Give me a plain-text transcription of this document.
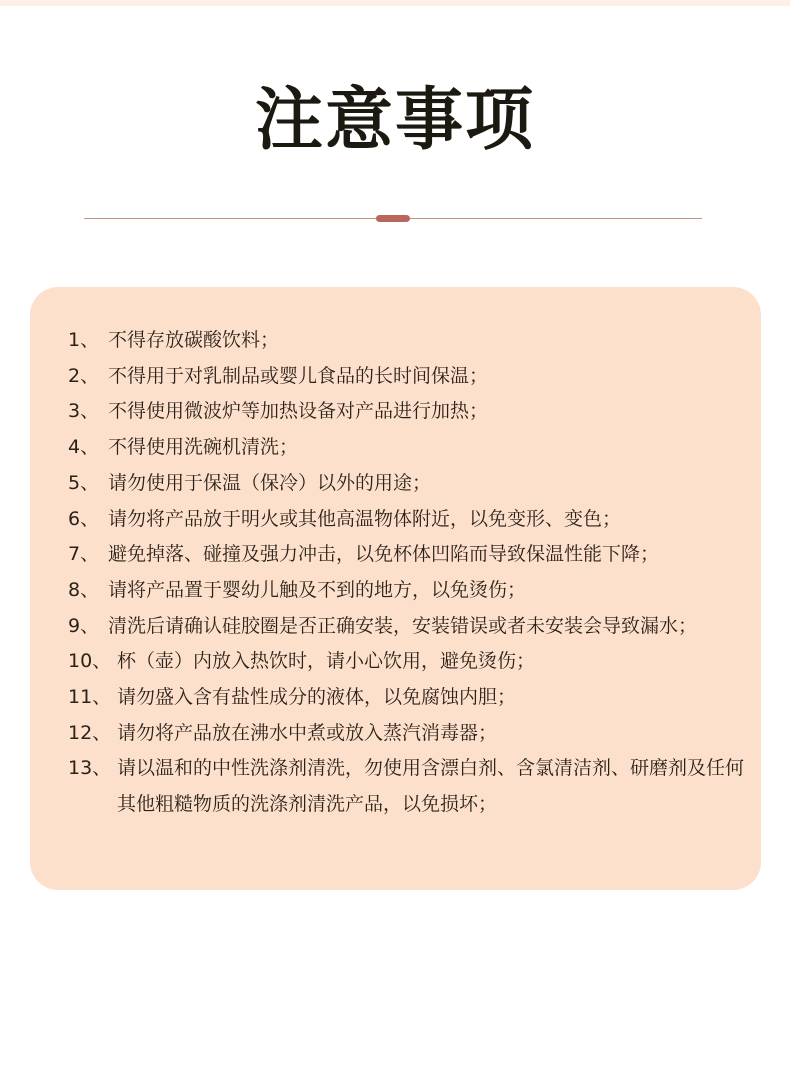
注意事项
1、 不得存放碳酸饮料；
2、 不得用于对乳制品或婴儿食品的长时间保温；
3、 不得使用微波炉等加热设备对产品进行加热；
4、 不得使用洗碗机清洗；
5、 请勿使用于保温（保冷）以外的用途；
6、 请勿将产品放于明火或其他高温物体附近，以免变形、变色；
7、 避免掉落、碰撞及强力冲击，以免杯体凹陷而导致保温性能下降；
8、 请将产品置于婴幼儿触及不到的地方，以免烫伤；
9、 清洗后请确认硅胶圈是否正确安装，安装错误或者未安装会导致漏水；
10、 杯（壶）内放入热饮时，请小心饮用，避免烫伤；
11、 请勿盛入含有盐性成分的液体，以免腐蚀内胆；
12、 请勿将产品放在沸水中煮或放入蒸汽消毒器；
13、 请以温和的中性洗涤剂清洗，勿使用含漂白剂、含氯清洁剂、研磨剂及任何其他粗糙物质的洗涤剂清洗产品，以免损坏；
